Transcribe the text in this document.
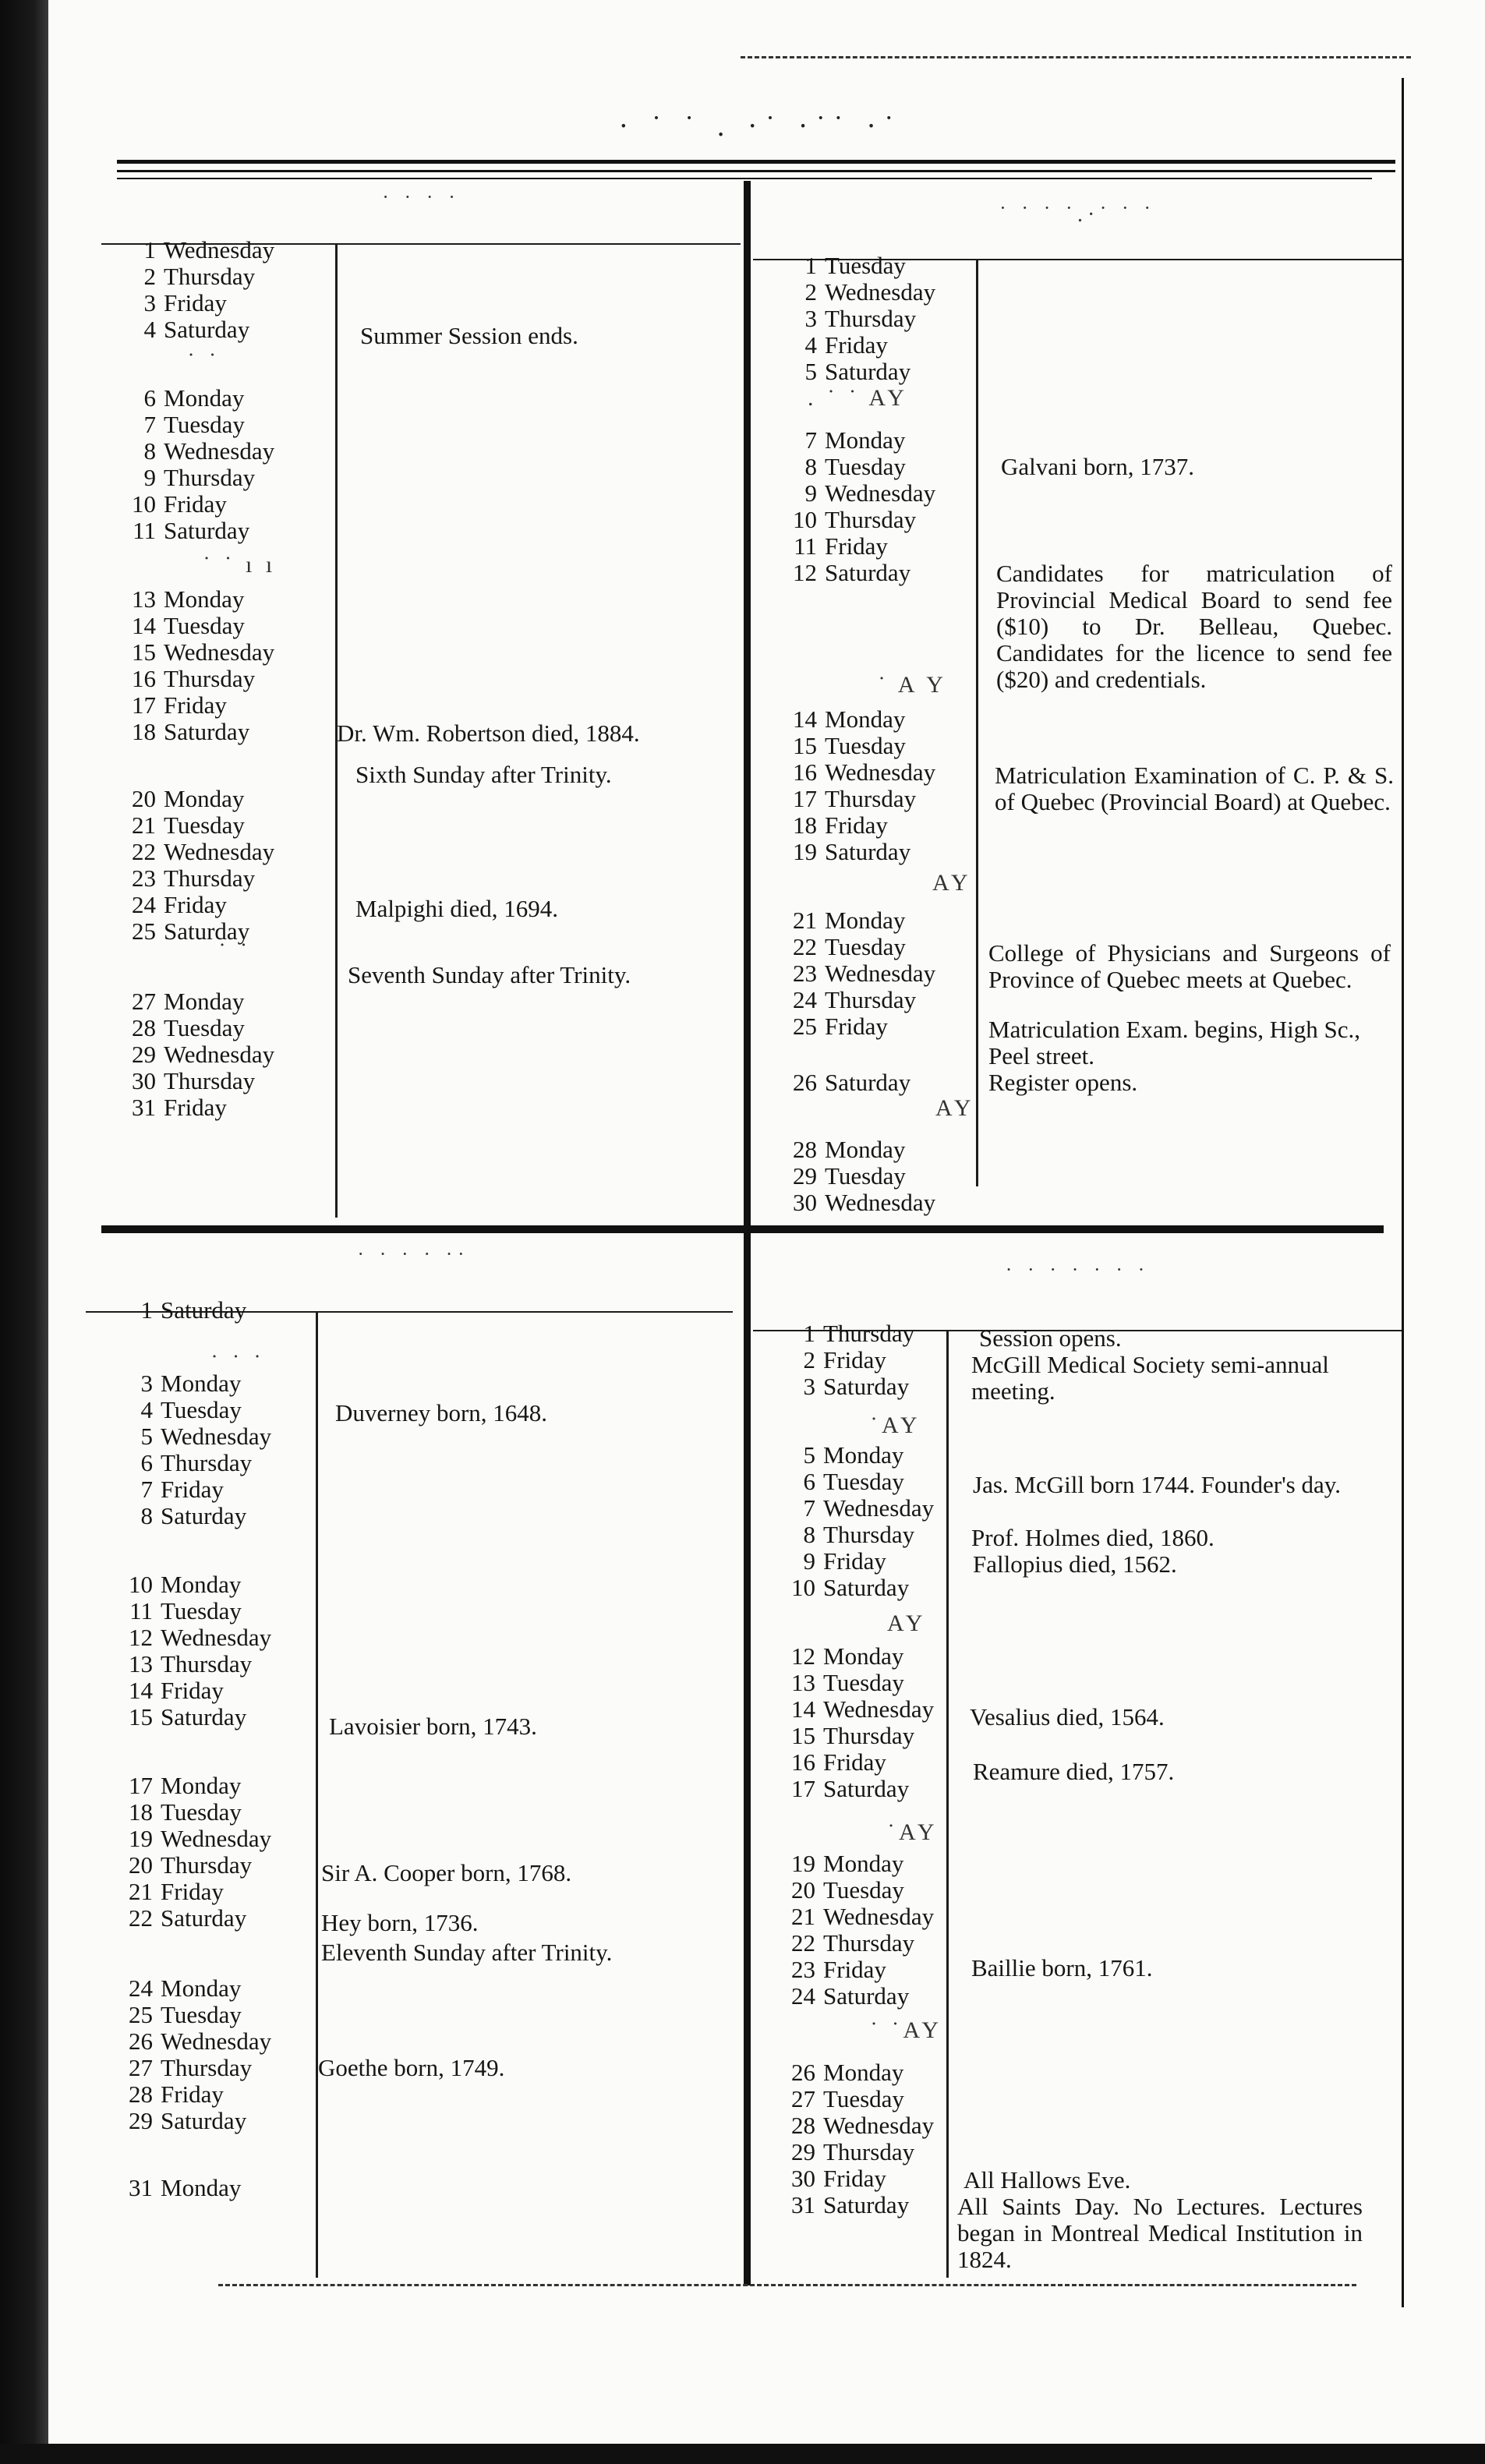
· ˙ ˙ . ·˙ ·˙˙ ·˙
˙ ˙ ˙ ˙
1 Wednesday
2 Thursday
3 Friday
4 Saturday
6 Monday
7 Tuesday
8 Wednesday
9 Thursday
10 Friday
11 Saturday
13 Monday
14 Tuesday
15 Wednesday
16 Thursday
17 Friday
18 Saturday
20 Monday
21 Tuesday
22 Wednesday
23 Thursday
24 Friday
25 Saturday
27 Monday
28 Tuesday
29 Wednesday
30 Thursday
31 Friday
˙ ˙
˙ ˙ ı ı
˙ ˙
Summer Session ends.
Dr. Wm. Robertson died, 1884.
Sixth Sunday after Trinity.
Malpighi died, 1694.
Seventh Sunday after Trinity.
˙ ˙ ˙ ˙.·˙ ˙ ˙
1 Tuesday
2 Wednesday
3 Thursday
4 Friday
5 Saturday
7 Monday
8 Tuesday
9 Wednesday
10 Thursday
11 Friday
12 Saturday
14 Monday
15 Tuesday
16 Wednesday
17 Thursday
18 Friday
19 Saturday
21 Monday
22 Tuesday
23 Wednesday
24 Thursday
25 Friday
26 Saturday
28 Monday
29 Tuesday
30 Wednesday
. ˙ ˙ AY
˙ A Y
AY
AY
Galvani born, 1737.
Candidates for matriculation of Provincial Medical Board to send fee ($10) to Dr. Belleau, Quebec. Candidates for the licence to send fee ($20) and credentials.
Matriculation Examination of C. P. & S. of Quebec (Provincial Board) at Quebec.
College of Physicians and Surgeons of Province of Quebec meets at Quebec.
Matriculation Exam. begins, High Sc., Peel street.
Register opens.
˙ ˙ ˙ ˙ ˙˙
1 Saturday
3 Monday
4 Tuesday
5 Wednesday
6 Thursday
7 Friday
8 Saturday
10 Monday
11 Tuesday
12 Wednesday
13 Thursday
14 Friday
15 Saturday
17 Monday
18 Tuesday
19 Wednesday
20 Thursday
21 Friday
22 Saturday
24 Monday
25 Tuesday
26 Wednesday
27 Thursday
28 Friday
29 Saturday
31 Monday
˙ ˙ ˙
Duverney born, 1648.
Lavoisier born, 1743.
Sir A. Cooper born, 1768.
Hey born, 1736.
Eleventh Sunday after Trinity.
Goethe born, 1749.
˙ ˙ ˙ ˙ ˙ ˙ ˙
1 Thursday
2 Friday
3 Saturday
5 Monday
6 Tuesday
7 Wednesday
8 Thursday
9 Friday
10 Saturday
12 Monday
13 Tuesday
14 Wednesday
15 Thursday
16 Friday
17 Saturday
19 Monday
20 Tuesday
21 Wednesday
22 Thursday
23 Friday
24 Saturday
26 Monday
27 Tuesday
28 Wednesday
29 Thursday
30 Friday
31 Saturday
˙AY
AY
˙AY
˙ ˙AY
Session opens.
McGill Medical Society semi-annual meeting.
Jas. McGill born 1744. Founder's day.
Prof. Holmes died, 1860.
Fallopius died, 1562.
Vesalius died, 1564.
Reamure died, 1757.
Baillie born, 1761.
All Hallows Eve.
All Saints Day. No Lectures. Lectures began in Montreal Medical Institution in 1824.
